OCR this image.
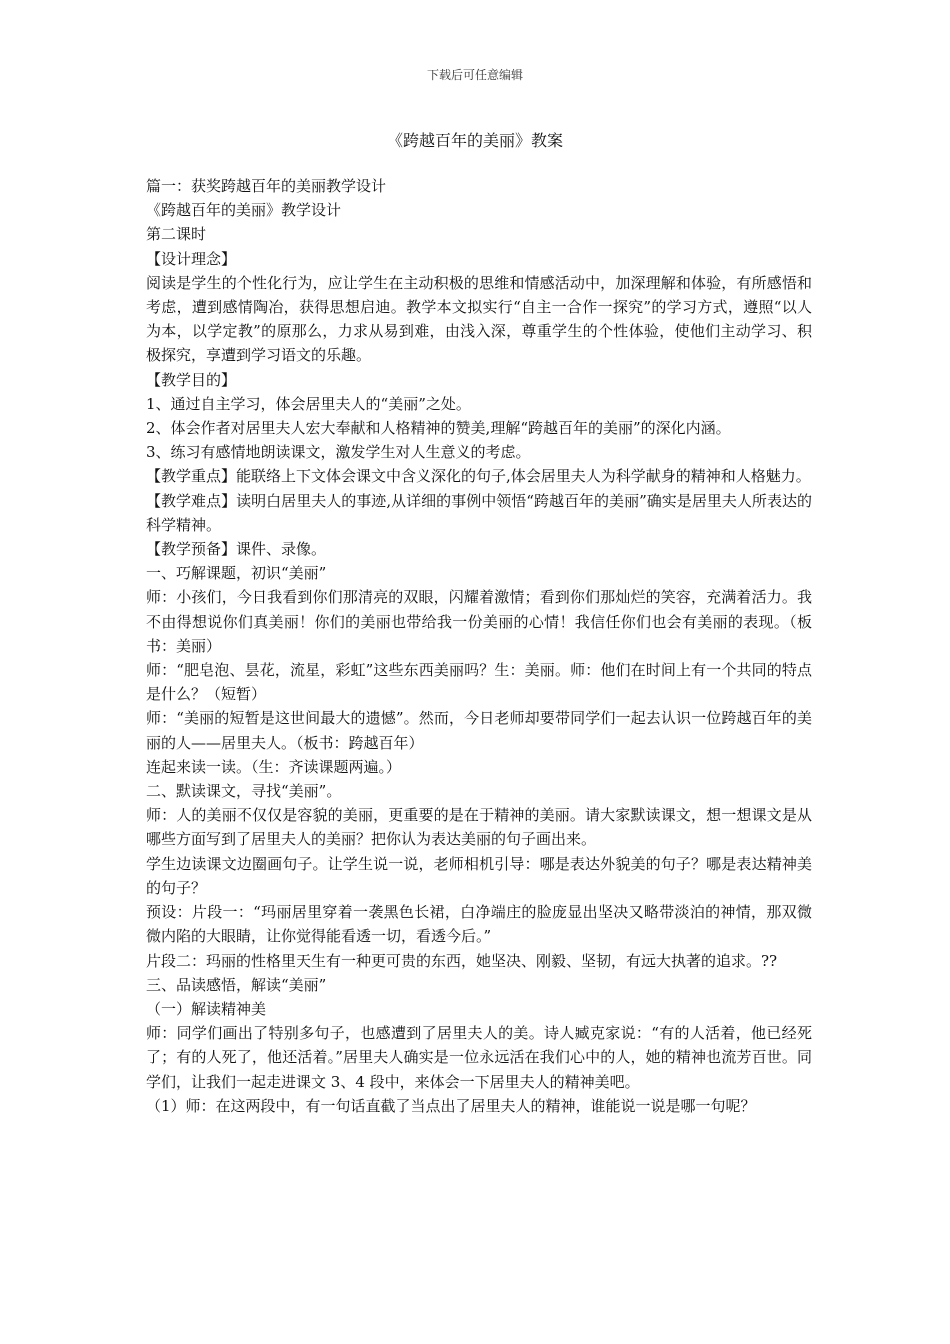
下载后可任意编辑
《跨越百年的美丽》教案

篇一：获奖跨越百年的美丽教学设计

《跨越百年的美丽》教学设计

第二课时

【设计理念】

阅读是学生的个性化行为，应让学生在主动积极的思维和情感活动中，加深理解和体验，有所感悟和考虑，遭到感情陶冶，获得思想启迪。教学本文拟实行“自主一合作一探究”的学习方式，遵照“以人为本，以学定教”的原那么，力求从易到难，由浅入深，尊重学生的个性体验，使他们主动学习、积极探究，享遭到学习语文的乐趣。

【教学目的】

1、通过自主学习，体会居里夫人的“美丽”之处。

2、体会作者对居里夫人宏大奉献和人格精神的赞美,理解“跨越百年的美丽”的深化内涵。

3、练习有感情地朗读课文，激发学生对人生意义的考虑。

【教学重点】能联络上下文体会课文中含义深化的句子,体会居里夫人为科学献身的精神和人格魅力。

【教学难点】读明白居里夫人的事迹,从详细的事例中领悟“跨越百年的美丽”确实是居里夫人所表达的科学精神。

【教学预备】课件、录像。

一、巧解课题，初识“美丽”

师：小孩们，今日我看到你们那清亮的双眼，闪耀着激情；看到你们那灿烂的笑容，充满着活力。我不由得想说你们真美丽！你们的美丽也带给我一份美丽的心情！我信任你们也会有美丽的表现。（板书：美丽）

师：“肥皂泡、昙花，流星，彩虹”这些东西美丽吗？生：美丽。师：他们在时间上有一个共同的特点是什么？（短暂）

师：“美丽的短暂是这世间最大的遗憾”。然而，今日老师却要带同学们一起去认识一位跨越百年的美丽的人——居里夫人。（板书：跨越百年）

连起来读一读。（生：齐读课题两遍。）

二、默读课文，寻找“美丽”。

师：人的美丽不仅仅是容貌的美丽，更重要的是在于精神的美丽。请大家默读课文，想一想课文是从哪些方面写到了居里夫人的美丽？把你认为表达美丽的句子画出来。

学生边读课文边圈画句子。让学生说一说，老师相机引导：哪是表达外貌美的句子？哪是表达精神美的句子？

预设：片段一：“玛丽居里穿着一袭黑色长裙，白净端庄的脸庞显出坚决又略带淡泊的神情，那双微微内陷的大眼睛，让你觉得能看透一切，看透今后。”

片段二：玛丽的性格里天生有一种更可贵的东西，她坚决、刚毅、坚韧，有远大执著的追求。??

三、品读感悟，解读“美丽”

（一）解读精神美

师：同学们画出了特别多句子，也感遭到了居里夫人的美。诗人臧克家说：“有的人活着，他已经死了；有的人死了，他还活着。”居里夫人确实是一位永远活在我们心中的人，她的精神也流芳百世。同学们，让我们一起走进课文 3、4 段中，来体会一下居里夫人的精神美吧。

（1）师：在这两段中，有一句话直截了当点出了居里夫人的精神，谁能说一说是哪一句呢？
